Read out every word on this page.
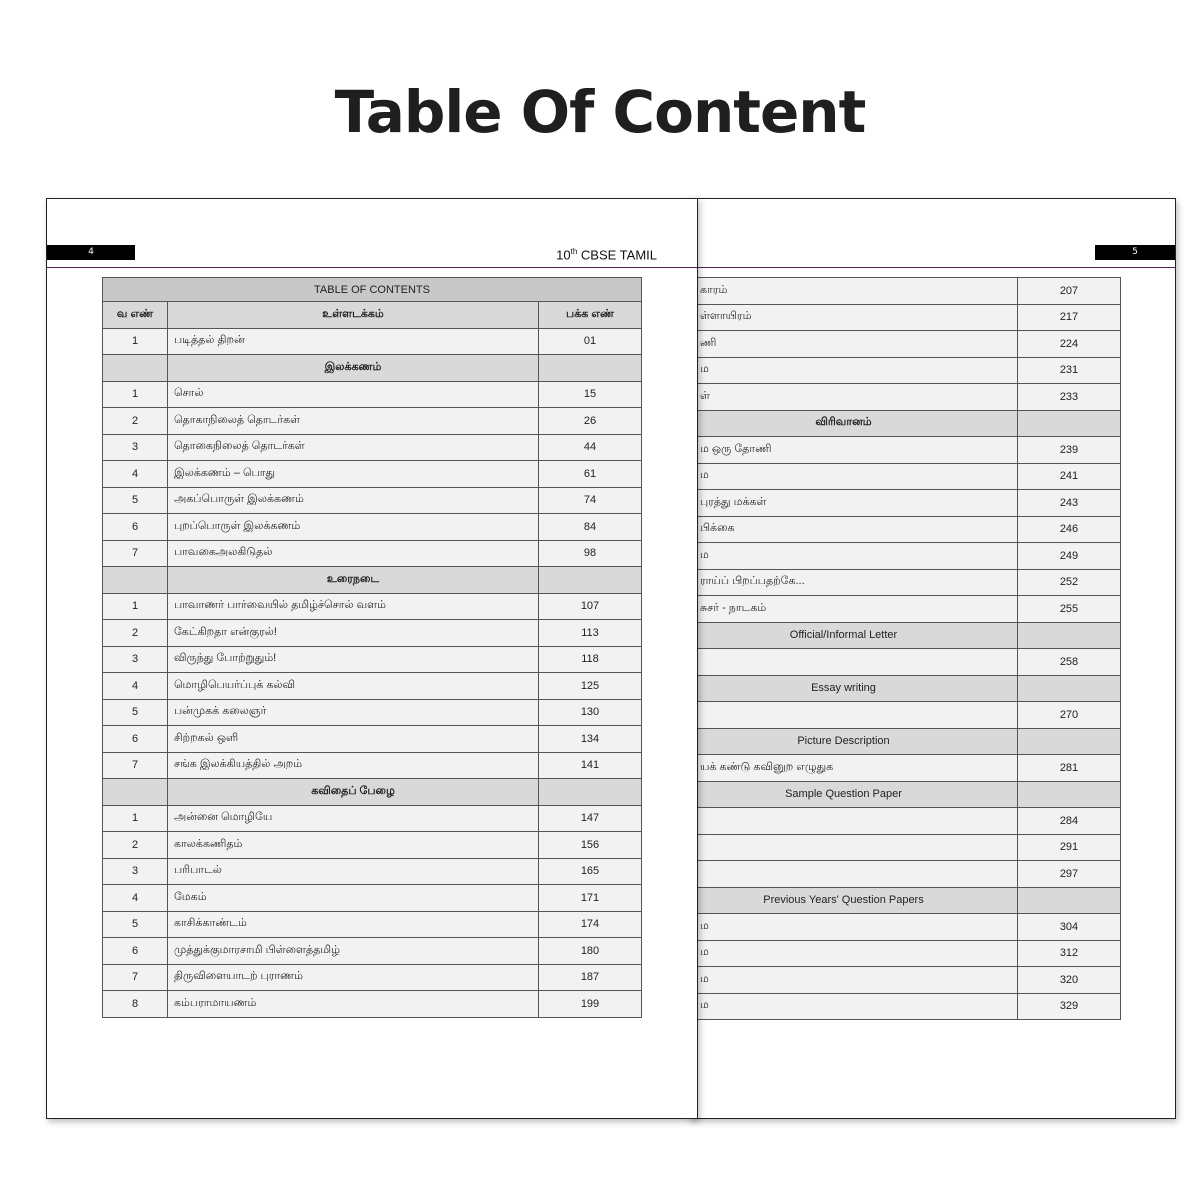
Table Of Content
5
காரம்	207
ள்ளாயிரம்	217
ணி	224
ம	231
ள்	233
விரிவானம்	
ம ஒரு தோணி	239
ம	241
புரத்து மக்கள்	243
பிக்கை	246
ம	249
ராய்ப் பிறப்பதற்கே...	252
சுசர் - நாடகம்	255
Official/Informal Letter	
	258
Essay writing	
	270
Picture Description	
யக் கண்டு கவினுற எழுதுக	281
Sample Question Paper	
	284
	291
	297
Previous Years' Question Papers	
ம	304
ம	312
ம	320
ம	329
4	10th CBSE TAMIL
TABLE OF CONTENTS		
வ எண்	உள்ளடக்கம்	பக்க எண்
1	படித்தல் திறன்	01
	இலக்கணம்	
1	சொல்	15
2	தொகாநிலைத் தொடர்கள்	26
3	தொகைநிலைத் தொடர்கள்	44
4	இலக்கணம் – பொது	61
5	அகப்பொருள் இலக்கணம்	74
6	புறப்பொருள் இலக்கணம்	84
7	பாவகைஅலகிடுதல்	98
	உரைநடை	
1	பாவாணர் பார்வையில் தமிழ்ச்சொல் வளம்	107
2	கேட்கிறதா என்குரல்!	113
3	விருந்து போற்றுதும்!	118
4	மொழிபெயர்ப்புக் கல்வி	125
5	பன்முகக் கலைஞர்	130
6	சிற்றகல் ஒளி	134
7	சங்க இலக்கியத்தில் அறம்	141
	கவிதைப் பேழை	
1	அன்னை மொழியே	147
2	காலக்கணிதம்	156
3	பரிபாடல்	165
4	மேகம்	171
5	காசிக்காண்டம்	174
6	முத்துக்குமாரசாமி பிள்ளைத்தமிழ்	180
7	திருவிளையாடற் புராணம்	187
8	கம்பராமாயணம்	199
